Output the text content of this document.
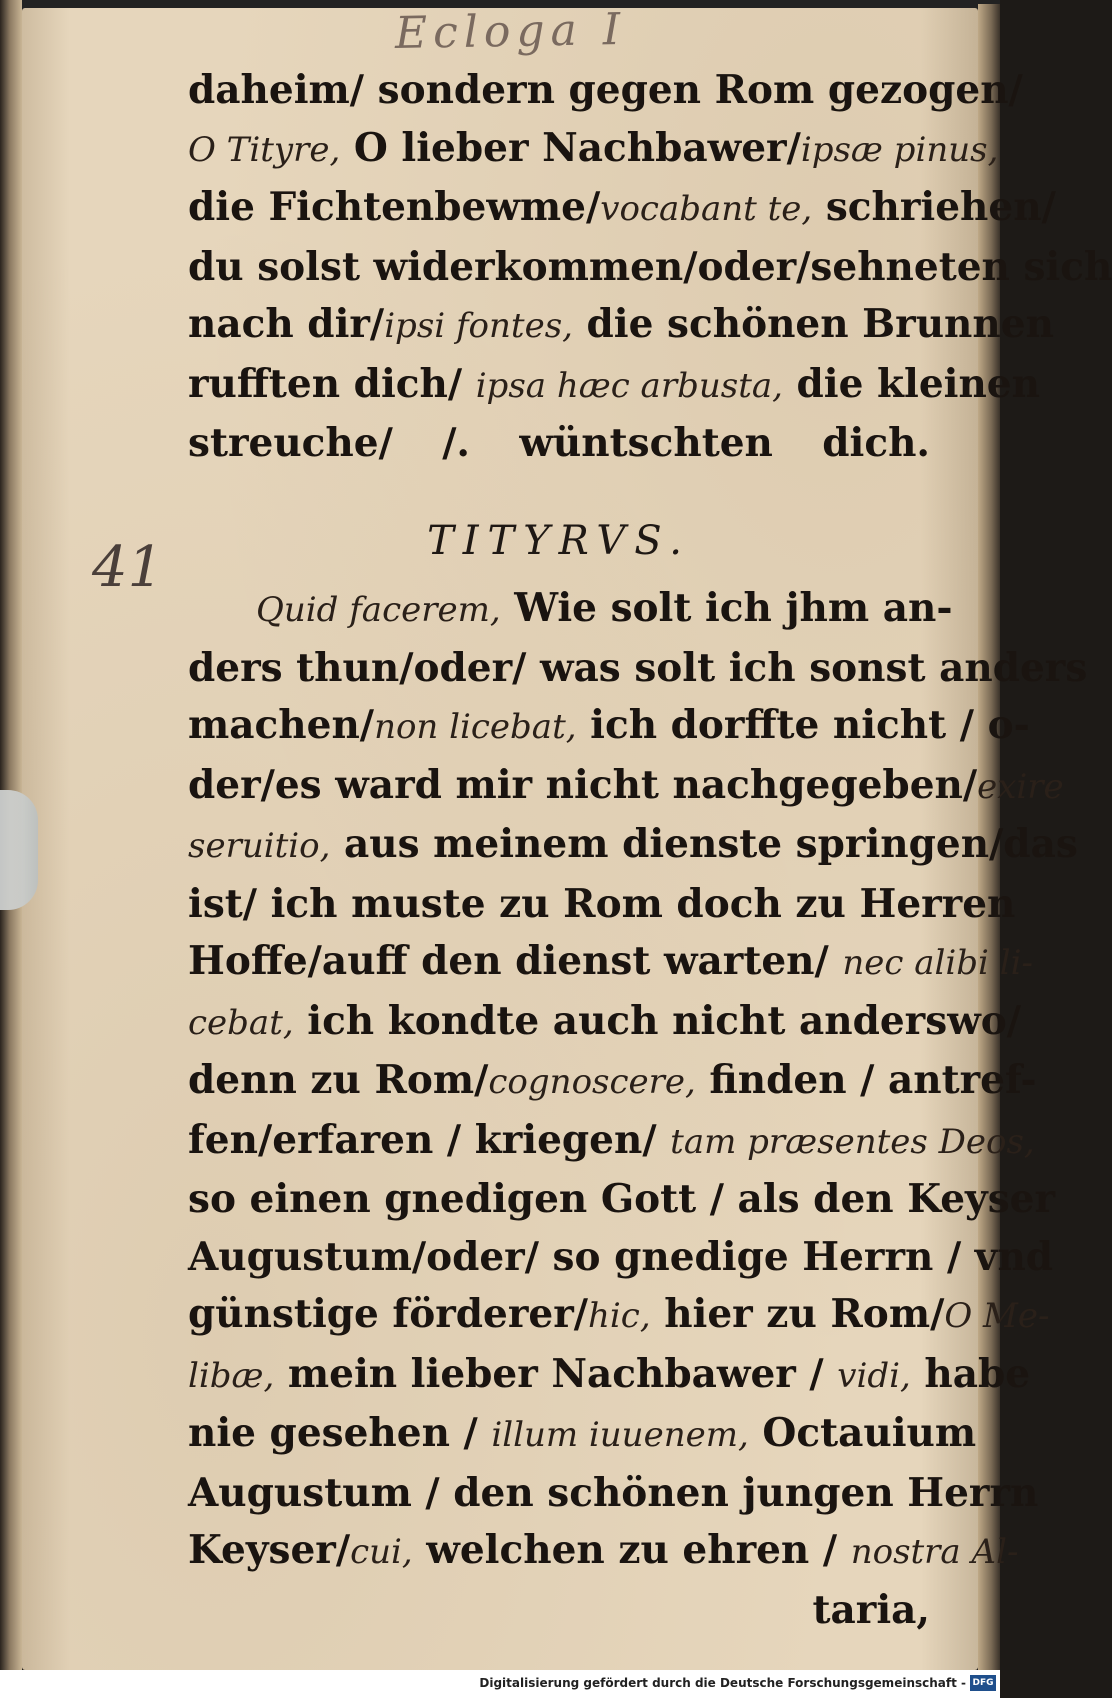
Ecloga I
41
daheim/ sondern gegen Rom gezogen/
O Tityre, O lieber Nachbawer/ipsæ pinus,
die Fichtenbewme/vocabant te, schriehen/
du solst widerkommen/oder/sehneten sich
nach dir/ipsi fontes, die schönen Brunnen
rufften dich/ ipsa hæc arbusta, die kleinen
streuche/ /. wüntschten dich.
TITYRVS.
Quid facerem, Wie solt ich jhm an-
ders thun/oder/ was solt ich sonst anders
machen/non licebat, ich dorffte nicht / o-
der/es ward mir nicht nachgegeben/exire
seruitio, aus meinem dienste springen/das
ist/ ich muste zu Rom doch zu Herren
Hoffe/auff den dienst warten/ nec alibi li-
cebat, ich kondte auch nicht anderswo/
denn zu Rom/cognoscere, finden / antref-
fen/erfaren / kriegen/ tam præsentes Deos,
so einen gnedigen Gott / als den Keyser
Augustum/oder/ so gnedige Herrn / vnd
günstige förderer/hic, hier zu Rom/O Me-
libæ, mein lieber Nachbawer / vidi, habe
nie gesehen / illum iuuenem, Octauium
Augustum / den schönen jungen Herrn
Keyser/cui, welchen zu ehren / nostra Al-
taria,
Digitalisierung gefördert durch die Deutsche Forschungsgemeinschaft - DFG
